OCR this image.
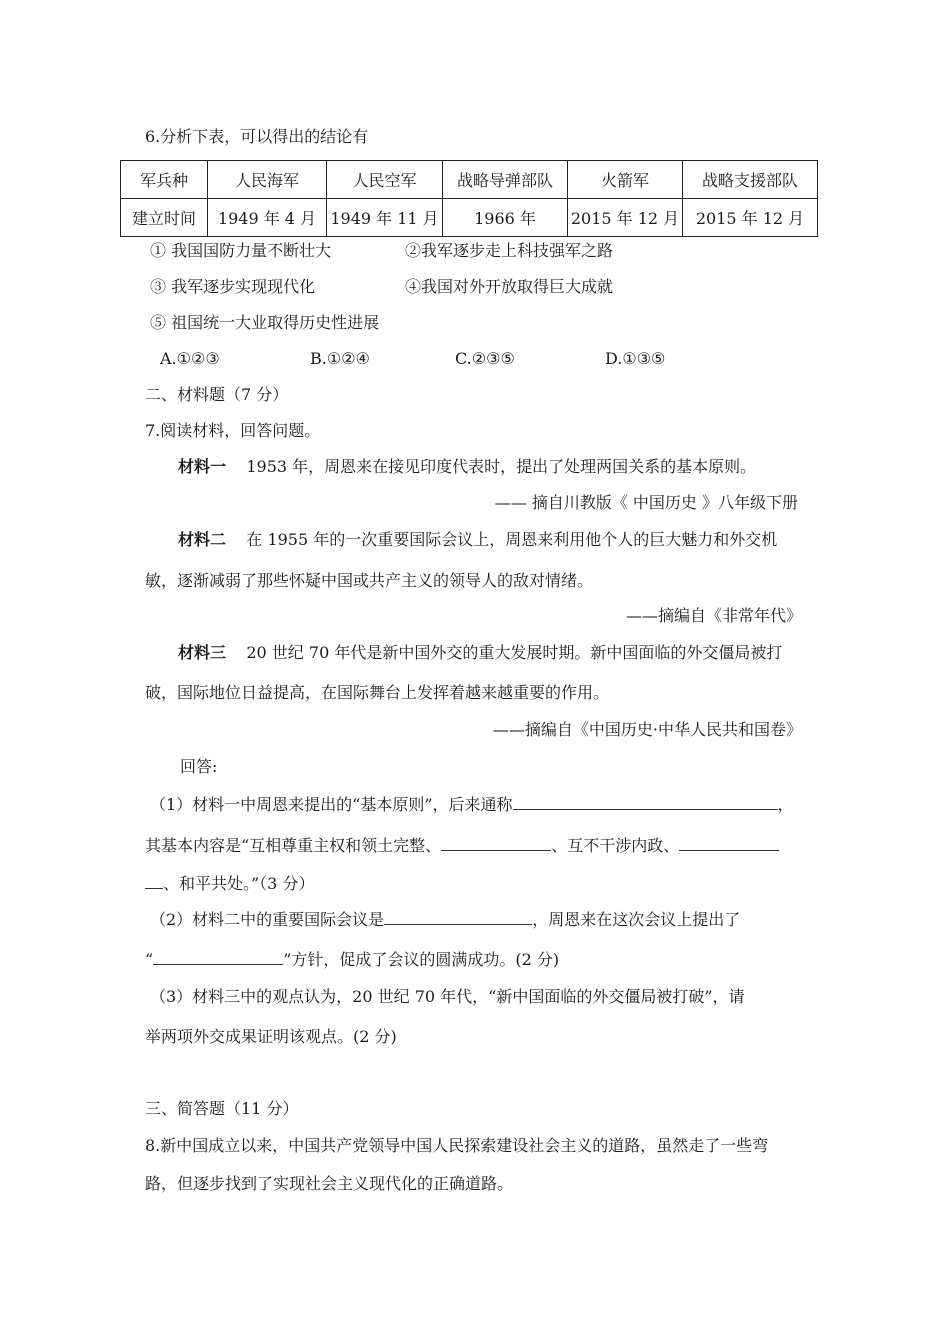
6.分析下表，可以得出的结论有
军兵种	人民海军	人民空军	战略导弹部队	火箭军	战略支援部队
建立时间	1949 年 4 月	1949 年 11 月	1966 年	2015 年 12 月	2015 年 12 月
① 我国国防力量不断壮大	②我军逐步走上科技强军之路
③ 我军逐步实现现代化	④我国对外开放取得巨大成就
⑤ 祖国统一大业取得历史性进展
A.①②③	B.①②④	C.②③⑤	D.①③⑤
二、材料题（7 分）
7.阅读材料，回答问题。
材料一 1953 年，周恩来在接见印度代表时，提出了处理两国关系的基本原则。
—— 摘自川教版《 中国历史 》八年级下册
材料二 在 1955 年的一次重要国际会议上，周恩来利用他个人的巨大魅力和外交机
敏，逐渐减弱了那些怀疑中国或共产主义的领导人的敌对情绪。
——摘编自《非常年代》
材料三 20 世纪 70 年代是新中国外交的重大发展时期。新中国面临的外交僵局被打
破，国际地位日益提高，在国际舞台上发挥着越来越重要的作用。
——摘编自《中国历史·中华人民共和国卷》
回答:
（1）材料一中周恩来提出的“基本原则”，后来通称	，
其基本内容是“互相尊重主权和领土完整、	、互不干涉内政、
、和平共处。”（3 分）
（2）材料二中的重要国际会议是	，周恩来在这次会议上提出了
“	”方针，促成了会议的圆满成功。(2 分)
（3）材料三中的观点认为，20 世纪 70 年代，“新中国面临的外交僵局被打破”，请
举两项外交成果证明该观点。(2 分)
三、简答题（11 分）
8.新中国成立以来，中国共产党领导中国人民探索建设社会主义的道路，虽然走了一些弯
路，但逐步找到了实现社会主义现代化的正确道路。
